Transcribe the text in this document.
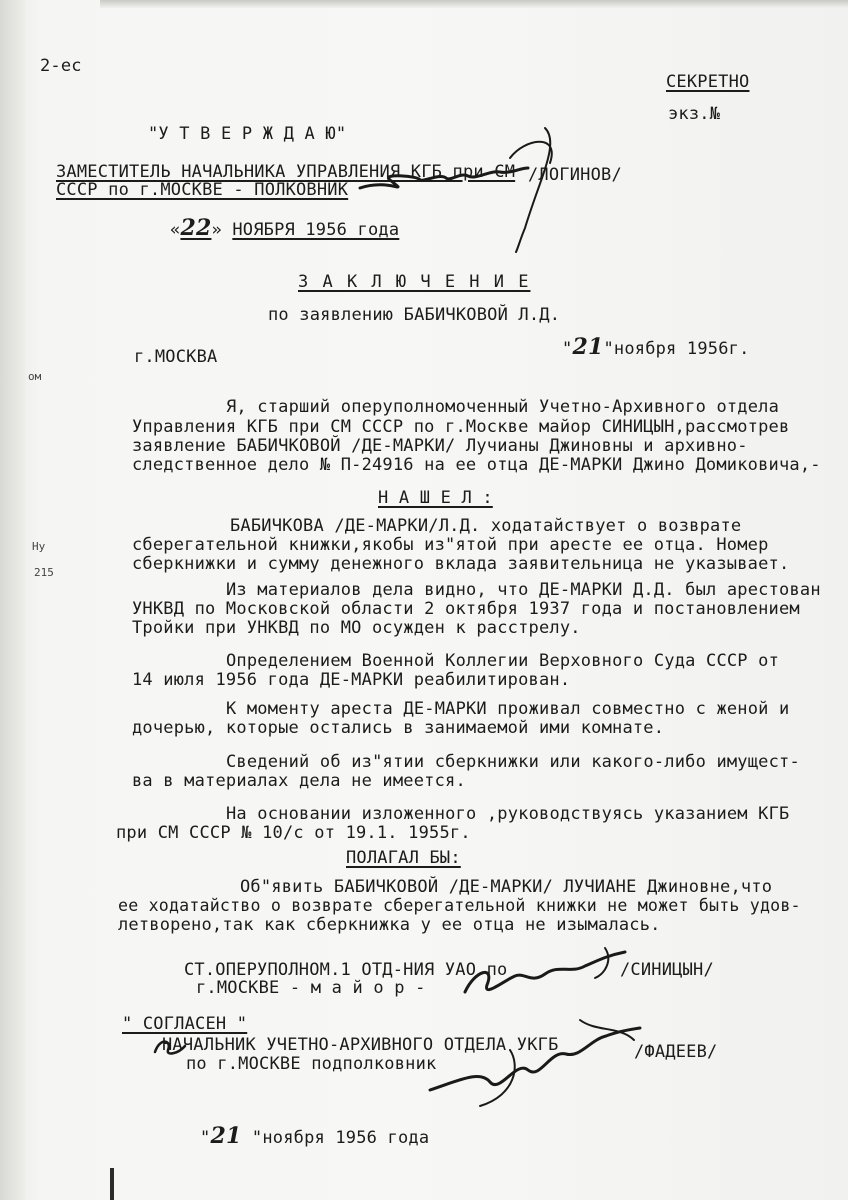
ом
Ну
215
2-ес
СЕКРЕТНО
экз.№
"У Т В Е Р Ж Д А Ю"
ЗАМЕСТИТЕЛЬ НАЧАЛЬНИКА УПРАВЛЕНИЯ КГБ при СМ
СССР по г.МОСКВЕ - ПОЛКОВНИК
/ЛОГИНОВ/
«22» НОЯБРЯ 1956 года
З А К Л Ю Ч Е Н И Е
по заявлению БАБИЧКОВОЙ Л.Д.
г.МОСКВА	"21"ноября 1956г.
Я, старший оперуполномоченный Учетно-Архивного отдела
Управления КГБ при СМ СССР по г.Москве майор СИНИЦЫН,рассмотрев
заявление БАБИЧКОВОЙ /ДЕ-МАРКИ/ Лучианы Джиновны и архивно-
следственное дело № П-24916 на ее отца ДЕ-МАРКИ Джино Домиковича,-
Н А Ш Е Л :
БАБИЧКОВА /ДЕ-МАРКИ/Л.Д. ходатайствует о возврате
сберегательной книжки,якобы из"ятой при аресте ее отца. Номер
сберкнижки и сумму денежного вклада заявительница не указывает.
Из материалов дела видно, что ДЕ-МАРКИ Д.Д. был арестован
УНКВД по Московской области 2 октября 1937 года и постановлением
Тройки при УНКВД по МО осужден к расстрелу.
Определением Военной Коллегии Верховного Суда СССР от
14 июля 1956 года ДЕ-МАРКИ реабилитирован.
К моменту ареста ДЕ-МАРКИ проживал совместно с женой и
дочерью, которые остались в занимаемой ими комнате.
Сведений об из"ятии сберкнижки или какого-либо имущест-
ва в материалах дела не имеется.
На основании изложенного ,руководствуясь указанием КГБ
при СМ СССР № 10/с от 19.1. 1955г.
ПОЛАГАЛ БЫ:
Об"явить БАБИЧКОВОЙ /ДЕ-МАРКИ/ ЛУЧИАНЕ Джиновне,что
ее ходатайство о возврате сберегательной книжки не может быть удов-
летворено,так как сберкнижка у ее отца не изымалась.
СТ.ОПЕРУПОЛНОМ.1 ОТД-НИЯ УАО по
г.МОСКВЕ - м а й о р -
/СИНИЦЫН/
" СОГЛАСЕН "
НАЧАЛЬНИК УЧЕТНО-АРХИВНОГО ОТДЕЛА УКГБ
по г.МОСКВЕ подполковник
/ФАДЕЕВ/
"21 "ноября 1956 года
